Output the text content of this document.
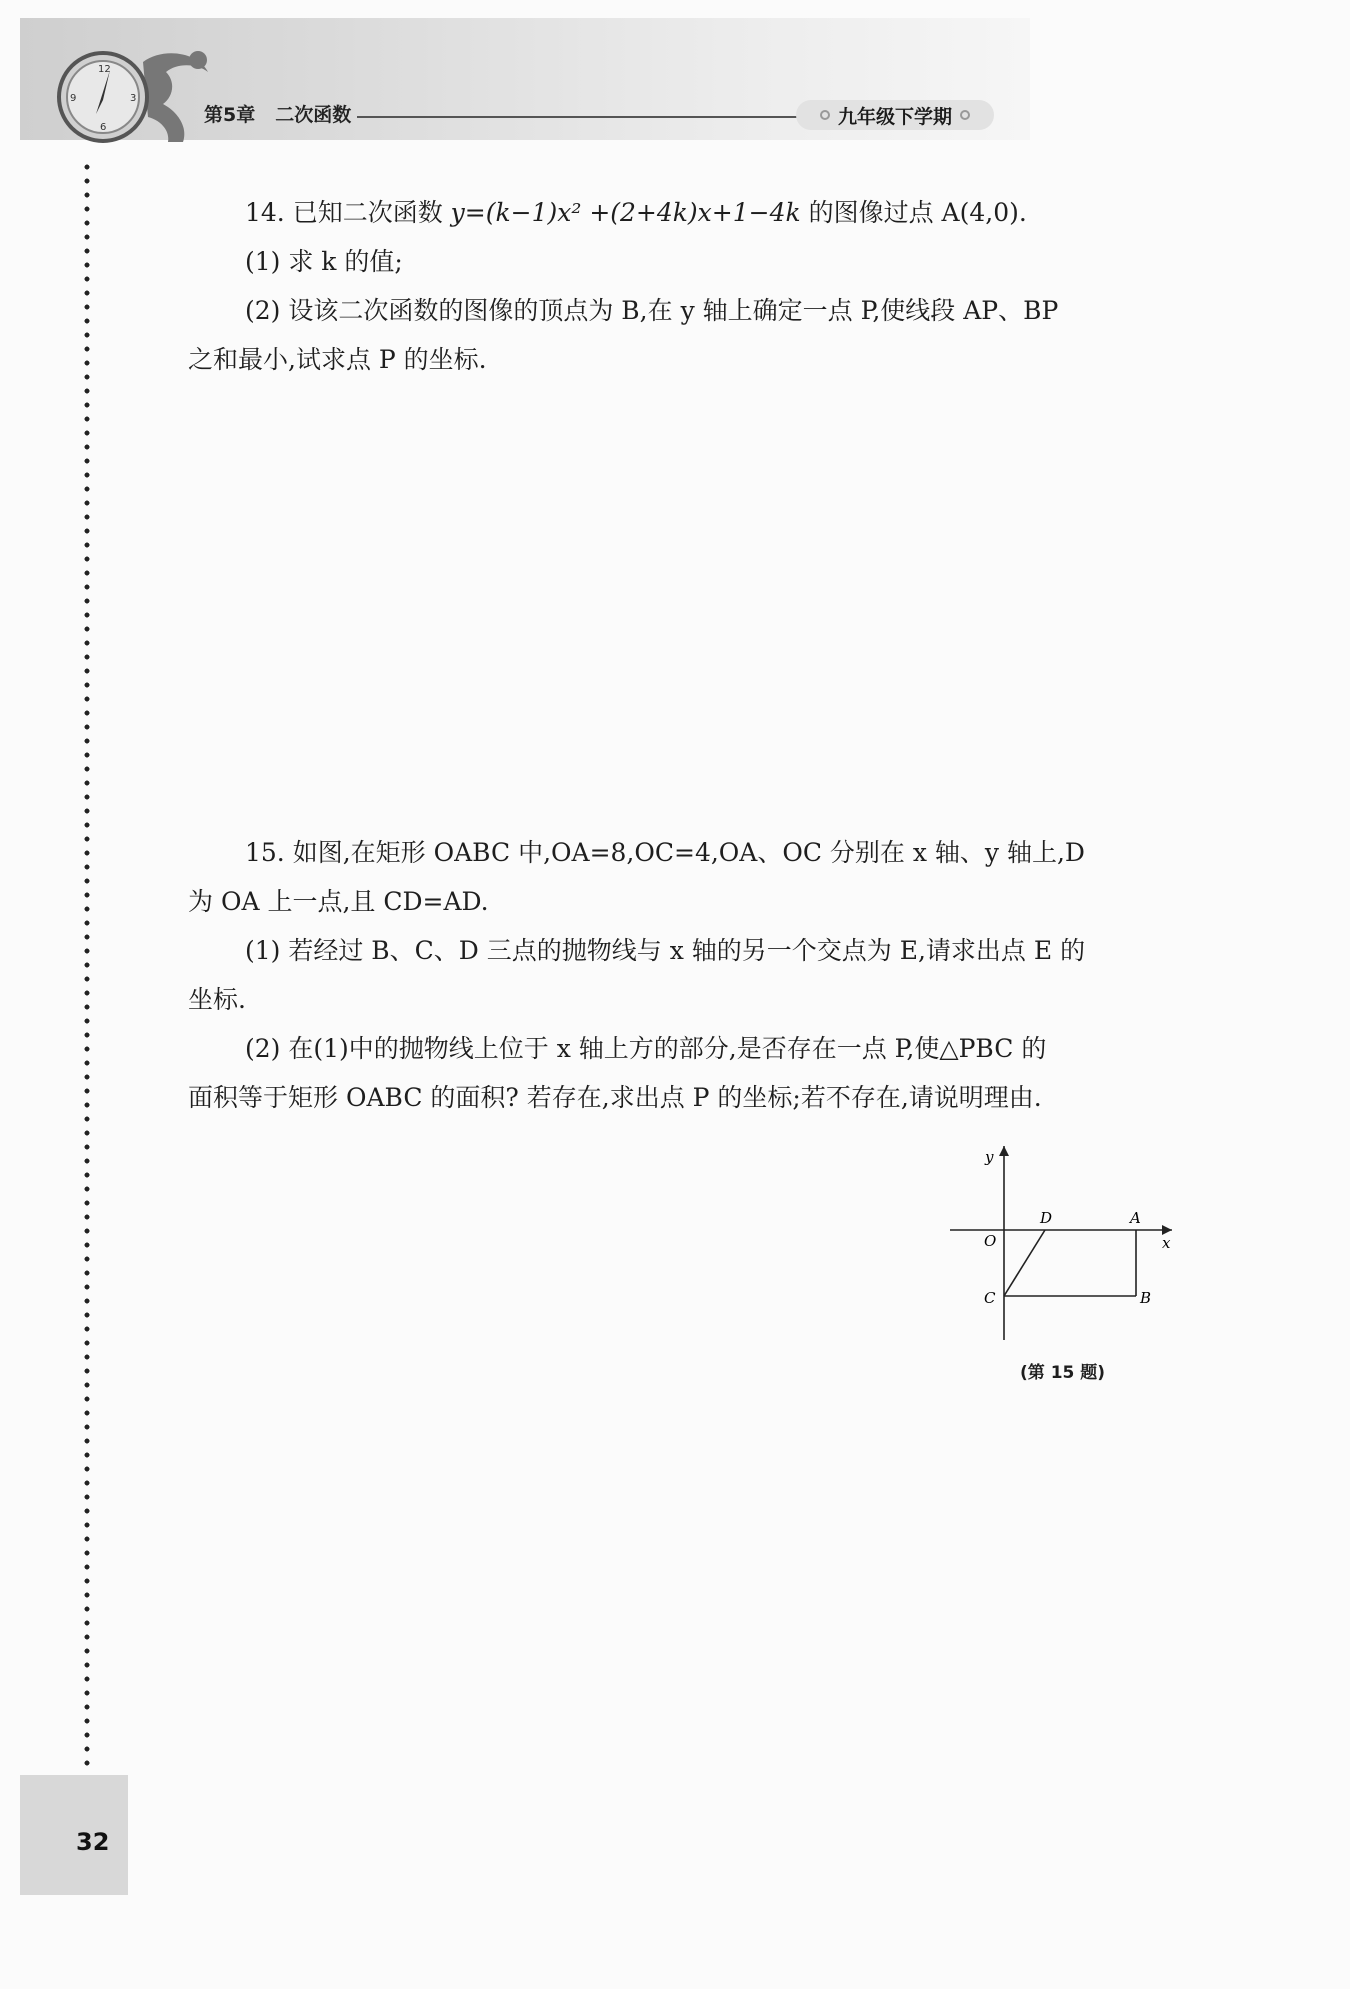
12
3
6
9
第5章 二次函数	九年级下学期

14. 已知二次函数 y=(k−1)x² +(2+4k)x+1−4k 的图像过点 A(4,0).

(1) 求 k 的值;

(2) 设该二次函数的图像的顶点为 B,在 y 轴上确定一点 P,使线段 AP、BP

之和最小,试求点 P 的坐标.

15. 如图,在矩形 OABC 中,OA=8,OC=4,OA、OC 分别在 x 轴、y 轴上,D

为 OA 上一点,且 CD=AD.

(1) 若经过 B、C、D 三点的抛物线与 x 轴的另一个交点为 E,请求出点 E 的

坐标.

(2) 在(1)中的抛物线上位于 x 轴上方的部分,是否存在一点 P,使△PBC 的

面积等于矩形 OABC 的面积? 若存在,求出点 P 的坐标;若不存在,请说明理由.

x
y
O
D	A
B
C
(第 15 题)
32
